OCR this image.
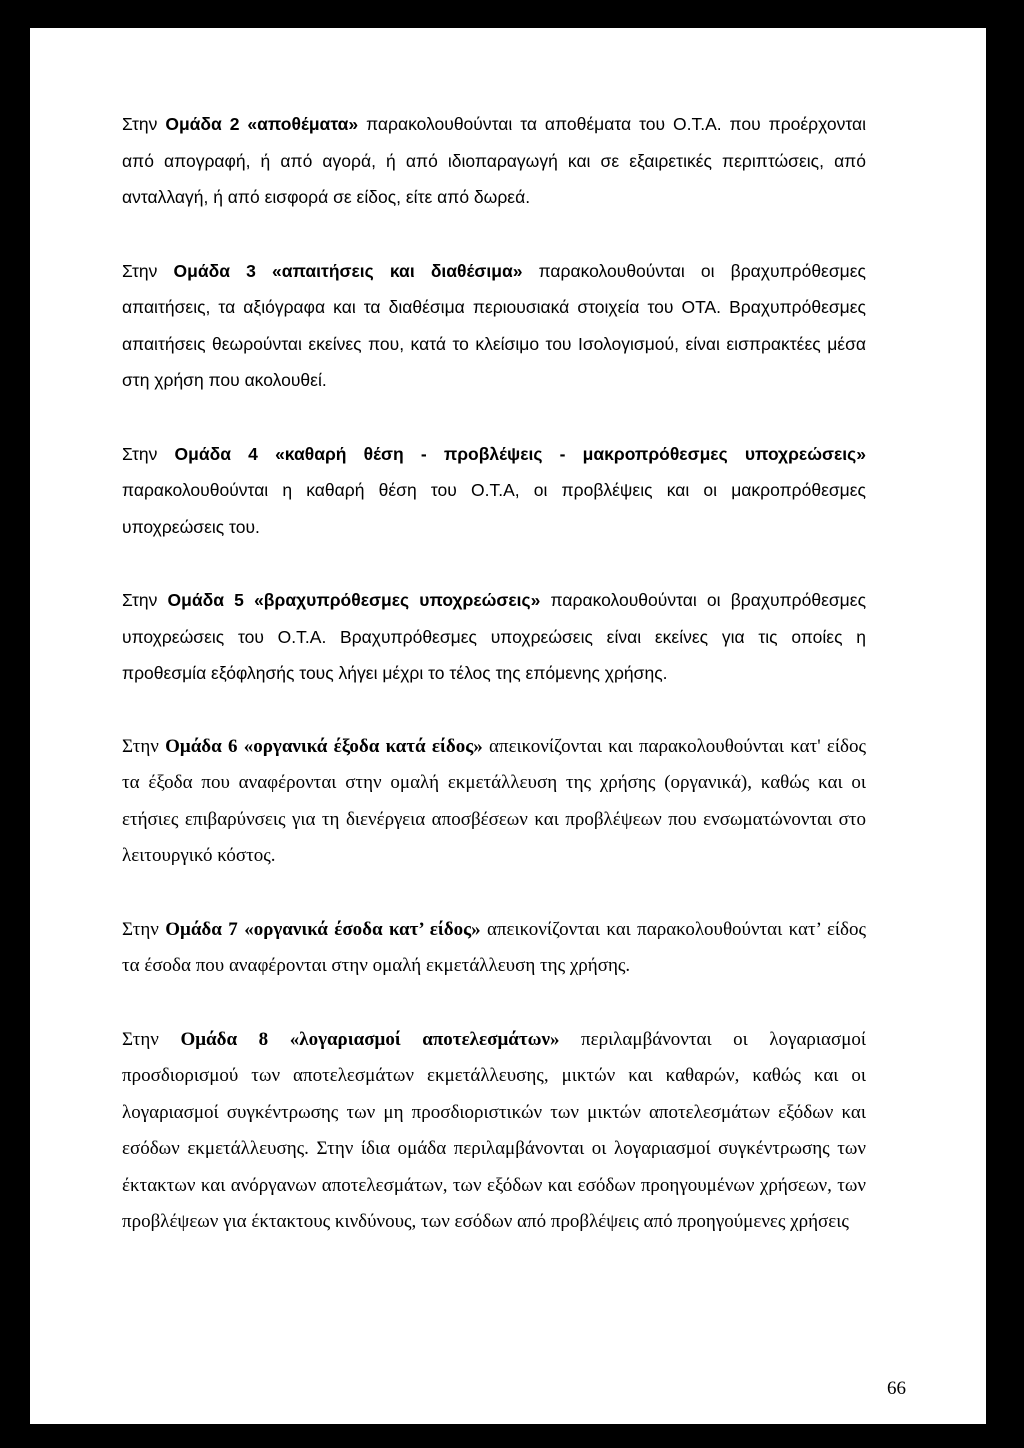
Στην Ομάδα 2 «αποθέματα» παρακολουθούνται τα αποθέματα του Ο.Τ.Α. που προέρχονται από απογραφή, ή από αγορά, ή από ιδιοπαραγωγή και σε εξαιρετικές περιπτώσεις, από ανταλλαγή, ή από εισφορά σε είδος, είτε από δωρεά.

Στην Ομάδα 3 «απαιτήσεις και διαθέσιμα» παρακολουθούνται οι βραχυπρόθεσμες απαιτήσεις, τα αξιόγραφα και τα διαθέσιμα περιουσιακά στοιχεία του ΟΤΑ. Βραχυπρόθεσμες απαιτήσεις θεωρούνται εκείνες που, κατά το κλείσιμο του Ισολογισμού, είναι εισπρακτέες μέσα στη χρήση που ακολουθεί.

Στην Ομάδα 4 «καθαρή θέση - προβλέψεις - μακροπρόθεσμες υποχρεώσεις» παρακολουθούνται η καθαρή θέση του Ο.Τ.Α, οι προβλέψεις και οι μακροπρόθεσμες υποχρεώσεις του.

Στην Ομάδα 5 «βραχυπρόθεσμες υποχρεώσεις» παρακολουθούνται οι βραχυπρόθεσμες υποχρεώσεις του Ο.Τ.Α. Βραχυπρόθεσμες υποχρεώσεις είναι εκείνες για τις οποίες η προθεσμία εξόφλησής τους λήγει μέχρι το τέλος της επόμενης χρήσης.

Στην Ομάδα 6 «οργανικά έξοδα κατά είδος» απεικονίζονται και παρακολουθούνται κατ' είδος τα έξοδα που αναφέρονται στην ομαλή εκμετάλλευση της χρήσης (οργανικά), καθώς και οι ετήσιες επιβαρύνσεις για τη διενέργεια αποσβέσεων και προβλέψεων που ενσωματώνονται στο λειτουργικό κόστος.

Στην Ομάδα 7 «οργανικά έσοδα κατ’ είδος» απεικονίζονται και παρακολουθούνται κατ’ είδος τα έσοδα που αναφέρονται στην ομαλή εκμετάλλευση της χρήσης.

Στην Ομάδα 8 «λογαριασμοί αποτελεσμάτων» περιλαμβάνονται οι λογαριασμοί προσδιορισμού των αποτελεσμάτων εκμετάλλευσης, μικτών και καθαρών, καθώς και οι λογαριασμοί συγκέντρωσης των μη προσδιοριστικών των μικτών αποτελεσμάτων εξόδων και εσόδων εκμετάλλευσης. Στην ίδια ομάδα περιλαμβάνονται οι λογαριασμοί συγκέντρωσης των έκτακτων και ανόργανων αποτελεσμάτων, των εξόδων και εσόδων προηγουμένων χρήσεων, των προβλέψεων για έκτακτους κινδύνους, των εσόδων από προβλέψεις από προηγούμενες χρήσεις

66
